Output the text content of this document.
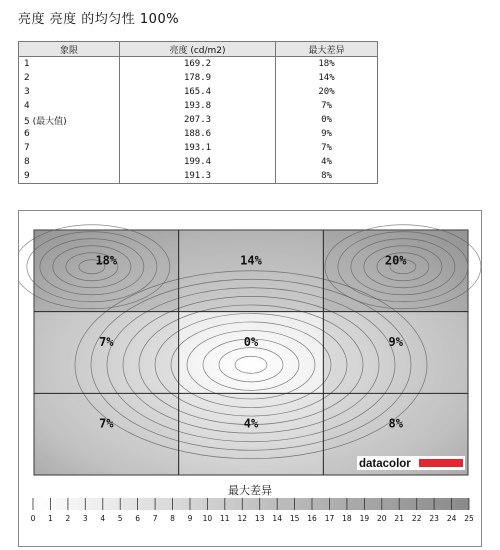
亮度 亮度 的均匀性 100%
象限	亮度 (cd/m2)	最大差异
1	169.2	18%
2	178.9	14%
3	165.4	20%
4	193.8	7%
5 (最大值)	207.3	0%
6	188.6	9%
7	193.1	7%
8	199.4	4%
9	191.3	8%
18%	14%	20%
7%	0%	9%
7%	4%	8%
datacolor
最大差异
0 1 2 3 4 5 6 7 8 9 10 11 12 13 14 15 16 17 18 19 20 21 22 23 24 25
